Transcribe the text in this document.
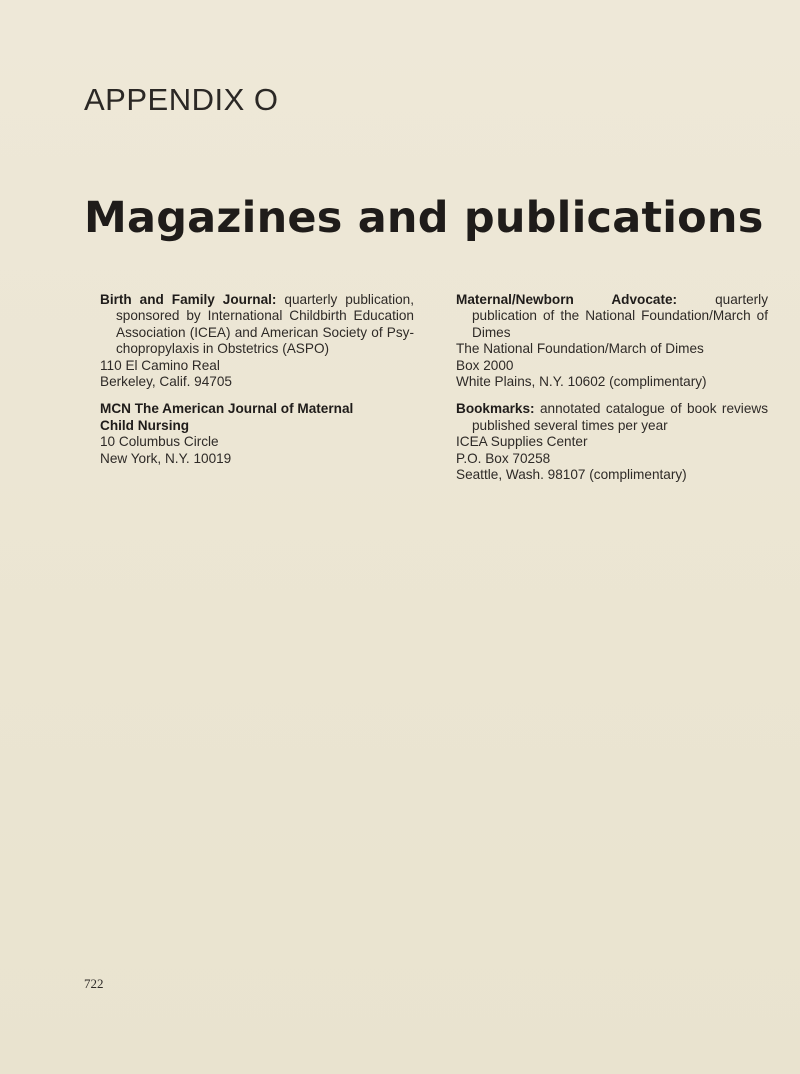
APPENDIX O
Magazines and publications

Birth and Family Journal: quarterly publication, sponsored by International Childbirth Education Association (ICEA) and American Society of Psy-chopropylaxis in Obstetrics (ASPO)

110 El Camino Real

Berkeley, Calif. 94705

MCN The American Journal of Maternal

Child Nursing

10 Columbus Circle

New York, N.Y. 10019

Maternal/Newborn Advocate:	quarterly publication of the National Foundation/March of Dimes

The National Foundation/March of Dimes

Box 2000

White Plains, N.Y. 10602 (complimentary)

Bookmarks: annotated catalogue of book reviews published several times per year

ICEA Supplies Center

P.O. Box 70258

Seattle, Wash. 98107 (complimentary)

722
